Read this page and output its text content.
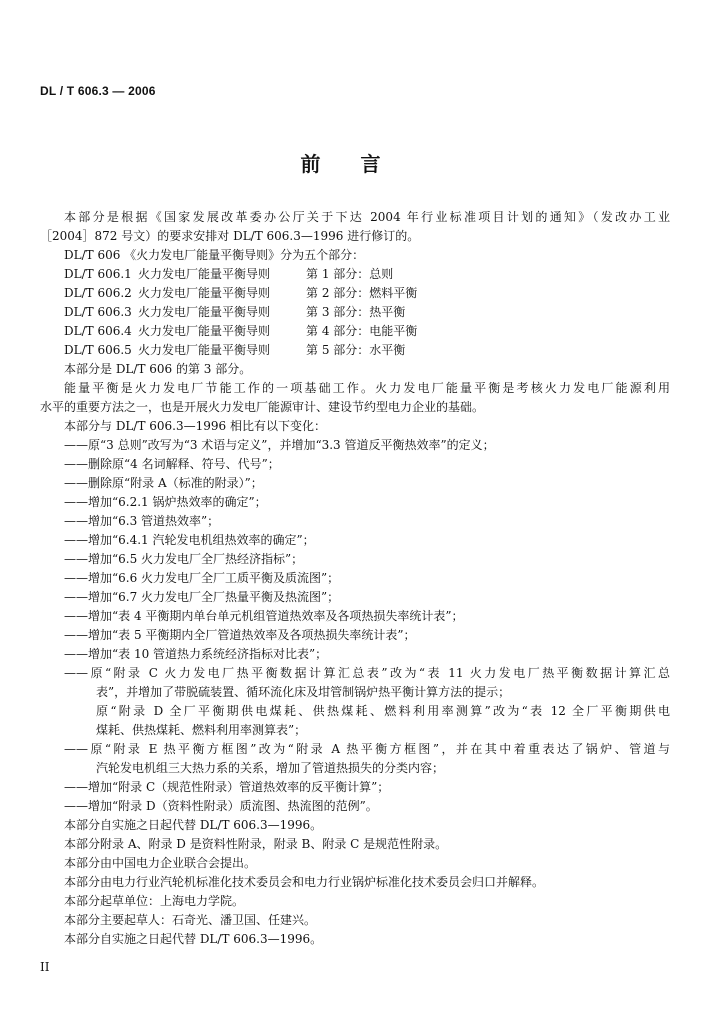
DL / T 606.3 — 2006
前言
本部分是根据《国家发展改革委办公厅关于下达 2004 年行业标准项目计划的通知》（发改办工业
［2004］872 号文）的要求安排对 DL/T 606.3—1996 进行修订的。
DL/T 606 《火力发电厂能量平衡导则》分为五个部分：
DL/T 606.1 火力发电厂能量平衡导则	第 1 部分：总则
DL/T 606.2 火力发电厂能量平衡导则	第 2 部分：燃料平衡
DL/T 606.3 火力发电厂能量平衡导则	第 3 部分：热平衡
DL/T 606.4 火力发电厂能量平衡导则	第 4 部分：电能平衡
DL/T 606.5 火力发电厂能量平衡导则	第 5 部分：水平衡
本部分是 DL/T 606 的第 3 部分。
能量平衡是火力发电厂节能工作的一项基础工作。火力发电厂能量平衡是考核火力发电厂能源利用
水平的重要方法之一，也是开展火力发电厂能源审计、建设节约型电力企业的基础。
本部分与 DL/T 606.3—1996 相比有以下变化：
——原“3 总则”改写为“3 术语与定义”，并增加“3.3 管道反平衡热效率”的定义；
——删除原“4 名词解释、符号、代号”；
——删除原“附录 A（标准的附录）”；
——增加“6.2.1 锅炉热效率的确定”；
——增加“6.3 管道热效率”；
——增加“6.4.1 汽轮发电机组热效率的确定”；
——增加“6.5 火力发电厂全厂热经济指标”；
——增加“6.6 火力发电厂全厂工质平衡及质流图”；
——增加“6.7 火力发电厂全厂热量平衡及热流图”；
——增加“表 4 平衡期内单台单元机组管道热效率及各项热损失率统计表”；
——增加“表 5 平衡期内全厂管道热效率及各项热损失率统计表”；
——增加“表 10 管道热力系统经济指标对比表”；
——原“附录 C 火力发电厂热平衡数据计算汇总表”改为“表 11 火力发电厂热平衡数据计算汇总
表”，并增加了带脱硫装置、循环流化床及坩管制锅炉热平衡计算方法的提示；
原“附录 D 全厂平衡期供电煤耗、供热煤耗、燃料利用率测算”改为“表 12 全厂平衡期供电
煤耗、供热煤耗、燃料利用率测算表”；
——原“附录 E 热平衡方框图”改为“附录 A 热平衡方框图”，并在其中着重表达了锅炉、管道与
汽轮发电机组三大热力系的关系，增加了管道热损失的分类内容；
——增加“附录 C（规范性附录）管道热效率的反平衡计算”；
——增加“附录 D（资料性附录）质流图、热流图的范例”。
本部分自实施之日起代替 DL/T 606.3—1996。
本部分附录 A、附录 D 是资料性附录，附录 B、附录 C 是规范性附录。
本部分由中国电力企业联合会提出。
本部分由电力行业汽轮机标准化技术委员会和电力行业锅炉标准化技术委员会归口并解释。
本部分起草单位：上海电力学院。
本部分主要起草人：石奇光、潘卫国、任建兴。
本部分自实施之日起代替 DL/T 606.3—1996。
II
